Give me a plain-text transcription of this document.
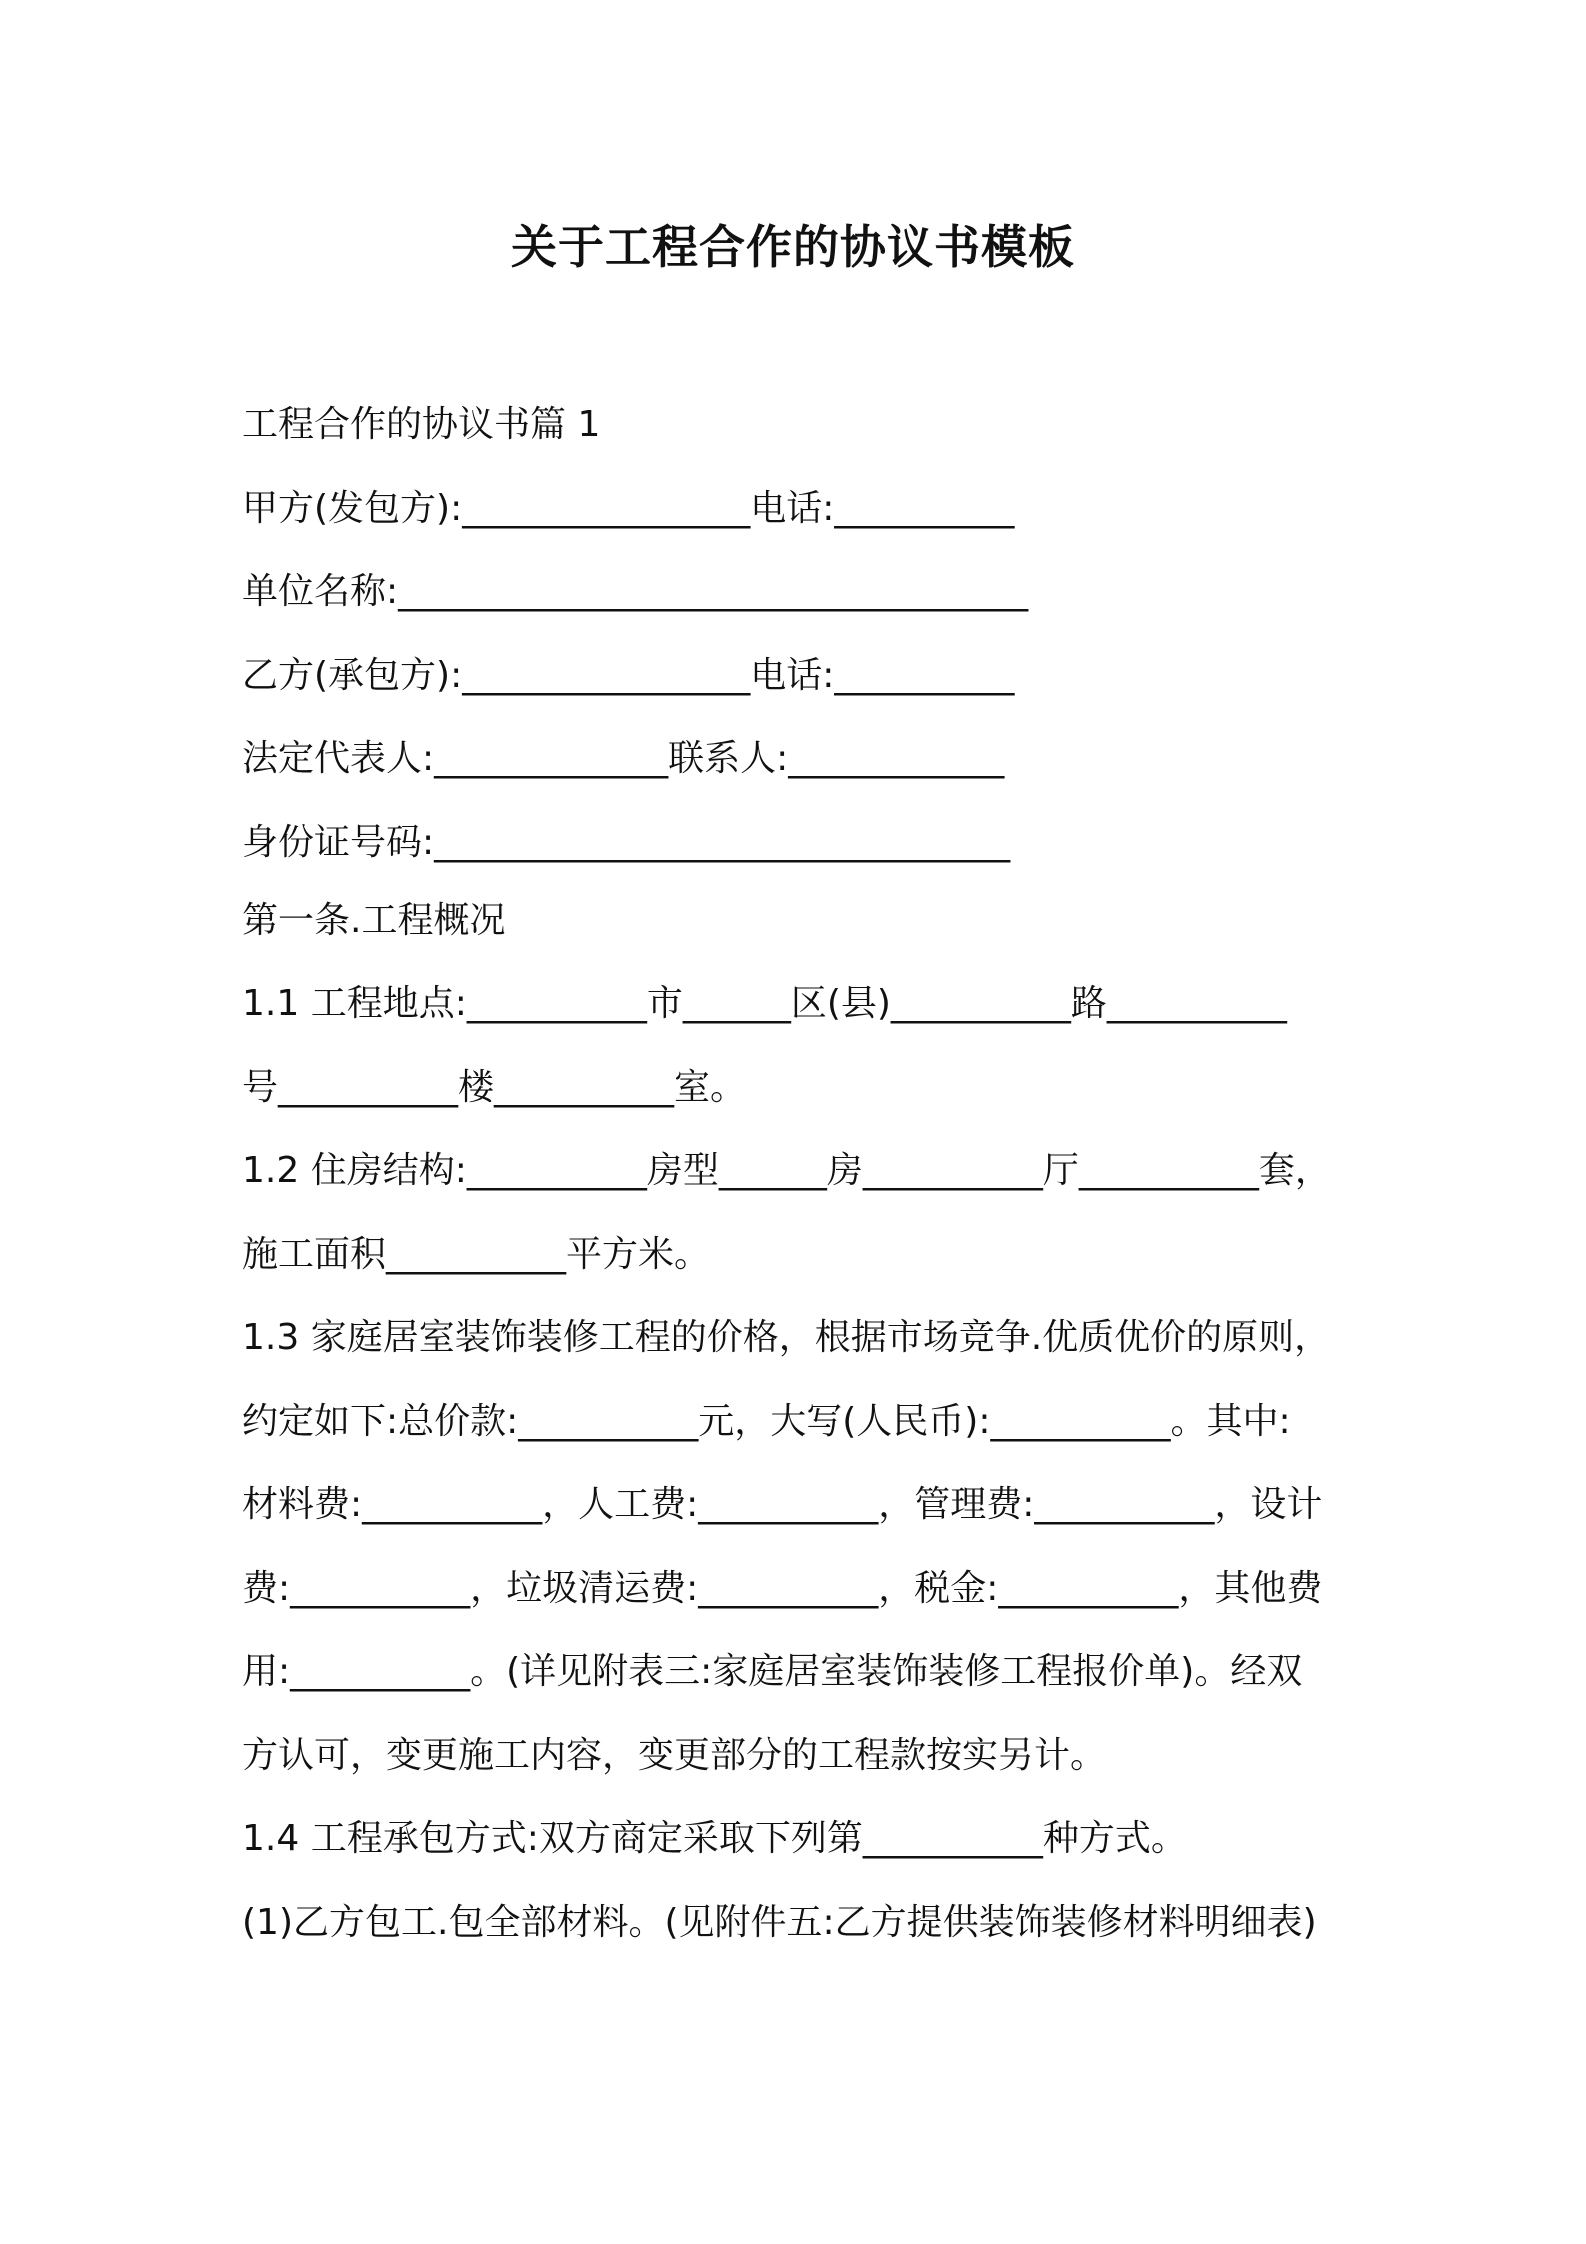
关于工程合作的协议书模板
工程合作的协议书篇 1
甲方(发包方):________________电话:__________
单位名称:___________________________________
乙方(承包方):________________电话:__________
法定代表人:_____________联系人:____________
身份证号码:________________________________
第一条.工程概况
1.1 工程地点:__________市______区(县)__________路__________
号__________楼__________室。
1.2 住房结构:__________房型______房__________厅__________套，
施工面积__________平方米。
1.3 家庭居室装饰装修工程的价格，根据市场竞争.优质优价的原则，
约定如下:总价款:__________元，大写(人民币):__________。其中:
材料费:__________，人工费:__________，管理费:__________，设计
费:__________，垃圾清运费:__________，税金:__________，其他费
用:__________。(详见附表三:家庭居室装饰装修工程报价单)。经双
方认可，变更施工内容，变更部分的工程款按实另计。
1.4 工程承包方式:双方商定采取下列第__________种方式。
(1)乙方包工.包全部材料。(见附件五:乙方提供装饰装修材料明细表)
